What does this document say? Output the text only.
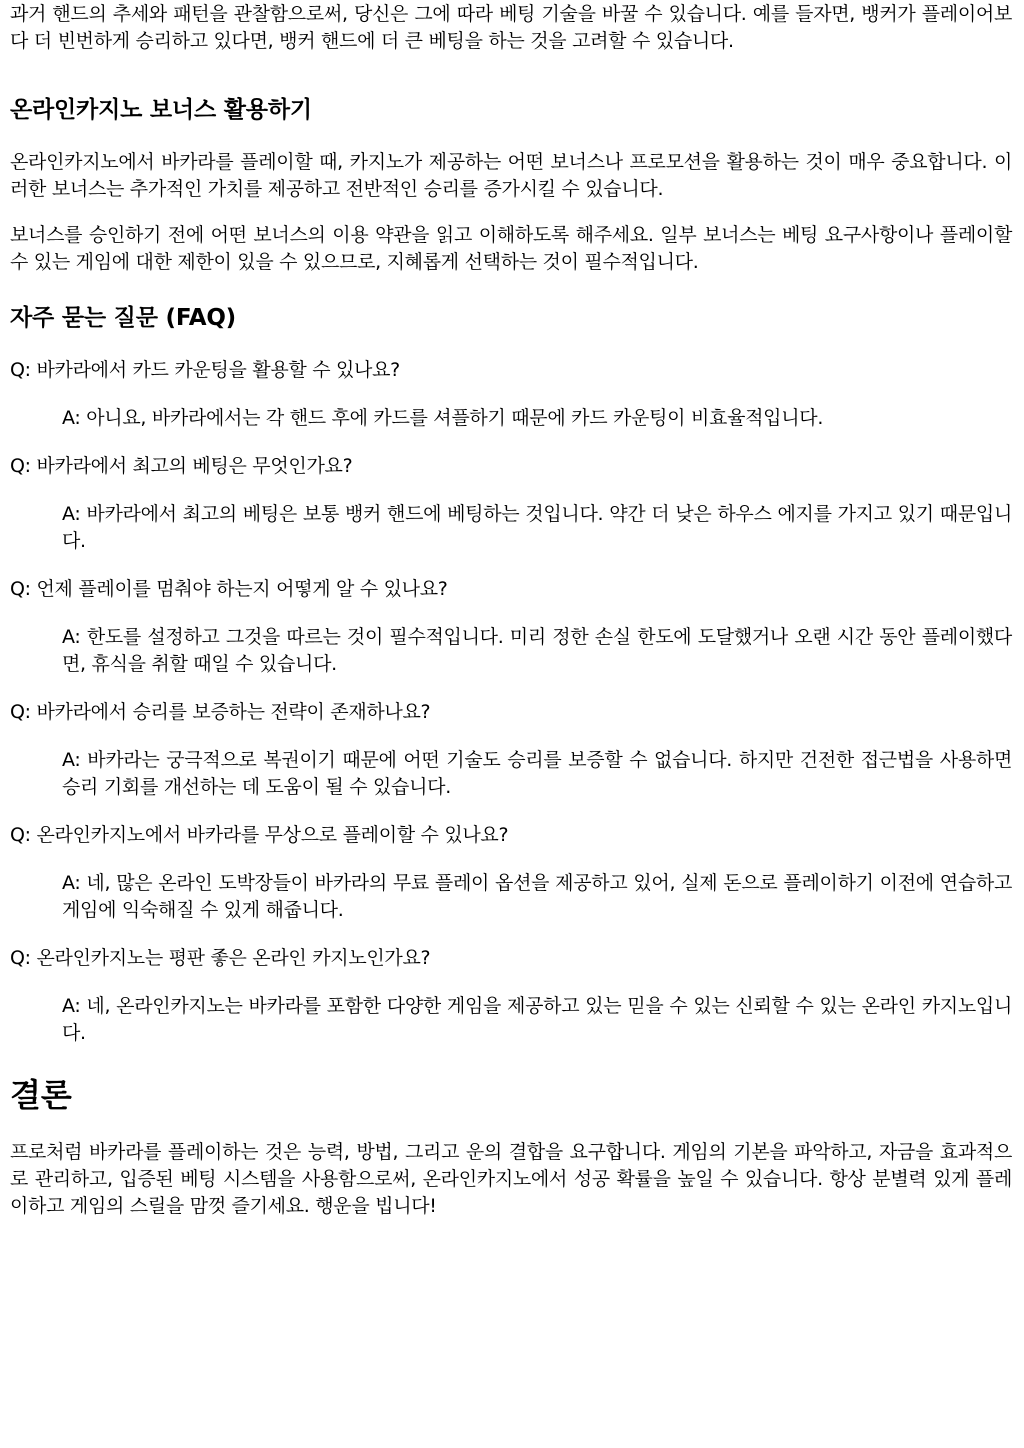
과거 핸드의 추세와 패턴을 관찰함으로써, 당신은 그에 따라 베팅 기술을 바꿀 수 있습니다. 예를 들자면, 뱅커가 플레이어보다 더 빈번하게 승리하고 있다면, 뱅커 핸드에 더 큰 베팅을 하는 것을 고려할 수 있습니다.

온라인카지노 보너스 활용하기

온라인카지노에서 바카라를 플레이할 때, 카지노가 제공하는 어떤 보너스나 프로모션을 활용하는 것이 매우 중요합니다. 이러한 보너스는 추가적인 가치를 제공하고 전반적인 승리를 증가시킬 수 있습니다.

보너스를 승인하기 전에 어떤 보너스의 이용 약관을 읽고 이해하도록 해주세요. 일부 보너스는 베팅 요구사항이나 플레이할 수 있는 게임에 대한 제한이 있을 수 있으므로, 지혜롭게 선택하는 것이 필수적입니다.

자주 묻는 질문 (FAQ)
Q: 바카라에서 카드 카운팅을 활용할 수 있나요?
A: 아니요, 바카라에서는 각 핸드 후에 카드를 셔플하기 때문에 카드 카운팅이 비효율적입니다.
Q: 바카라에서 최고의 베팅은 무엇인가요?
A: 바카라에서 최고의 베팅은 보통 뱅커 핸드에 베팅하는 것입니다. 약간 더 낮은 하우스 에지를 가지고 있기 때문입니다.
Q: 언제 플레이를 멈춰야 하는지 어떻게 알 수 있나요?
A: 한도를 설정하고 그것을 따르는 것이 필수적입니다. 미리 정한 손실 한도에 도달했거나 오랜 시간 동안 플레이했다면, 휴식을 취할 때일 수 있습니다.
Q: 바카라에서 승리를 보증하는 전략이 존재하나요?
A: 바카라는 궁극적으로 복권이기 때문에 어떤 기술도 승리를 보증할 수 없습니다. 하지만 건전한 접근법을 사용하면 승리 기회를 개선하는 데 도움이 될 수 있습니다.
Q: 온라인카지노에서 바카라를 무상으로 플레이할 수 있나요?
A: 네, 많은 온라인 도박장들이 바카라의 무료 플레이 옵션을 제공하고 있어, 실제 돈으로 플레이하기 이전에 연습하고 게임에 익숙해질 수 있게 해줍니다.
Q: 온라인카지노는 평판 좋은 온라인 카지노인가요?
A: 네, 온라인카지노는 바카라를 포함한 다양한 게임을 제공하고 있는 믿을 수 있는 신뢰할 수 있는 온라인 카지노입니다.
결론

프로처럼 바카라를 플레이하는 것은 능력, 방법, 그리고 운의 결합을 요구합니다. 게임의 기본을 파악하고, 자금을 효과적으로 관리하고, 입증된 베팅 시스템을 사용함으로써, 온라인카지노에서 성공 확률을 높일 수 있습니다. 항상 분별력 있게 플레이하고 게임의 스릴을 맘껏 즐기세요. 행운을 빕니다!
